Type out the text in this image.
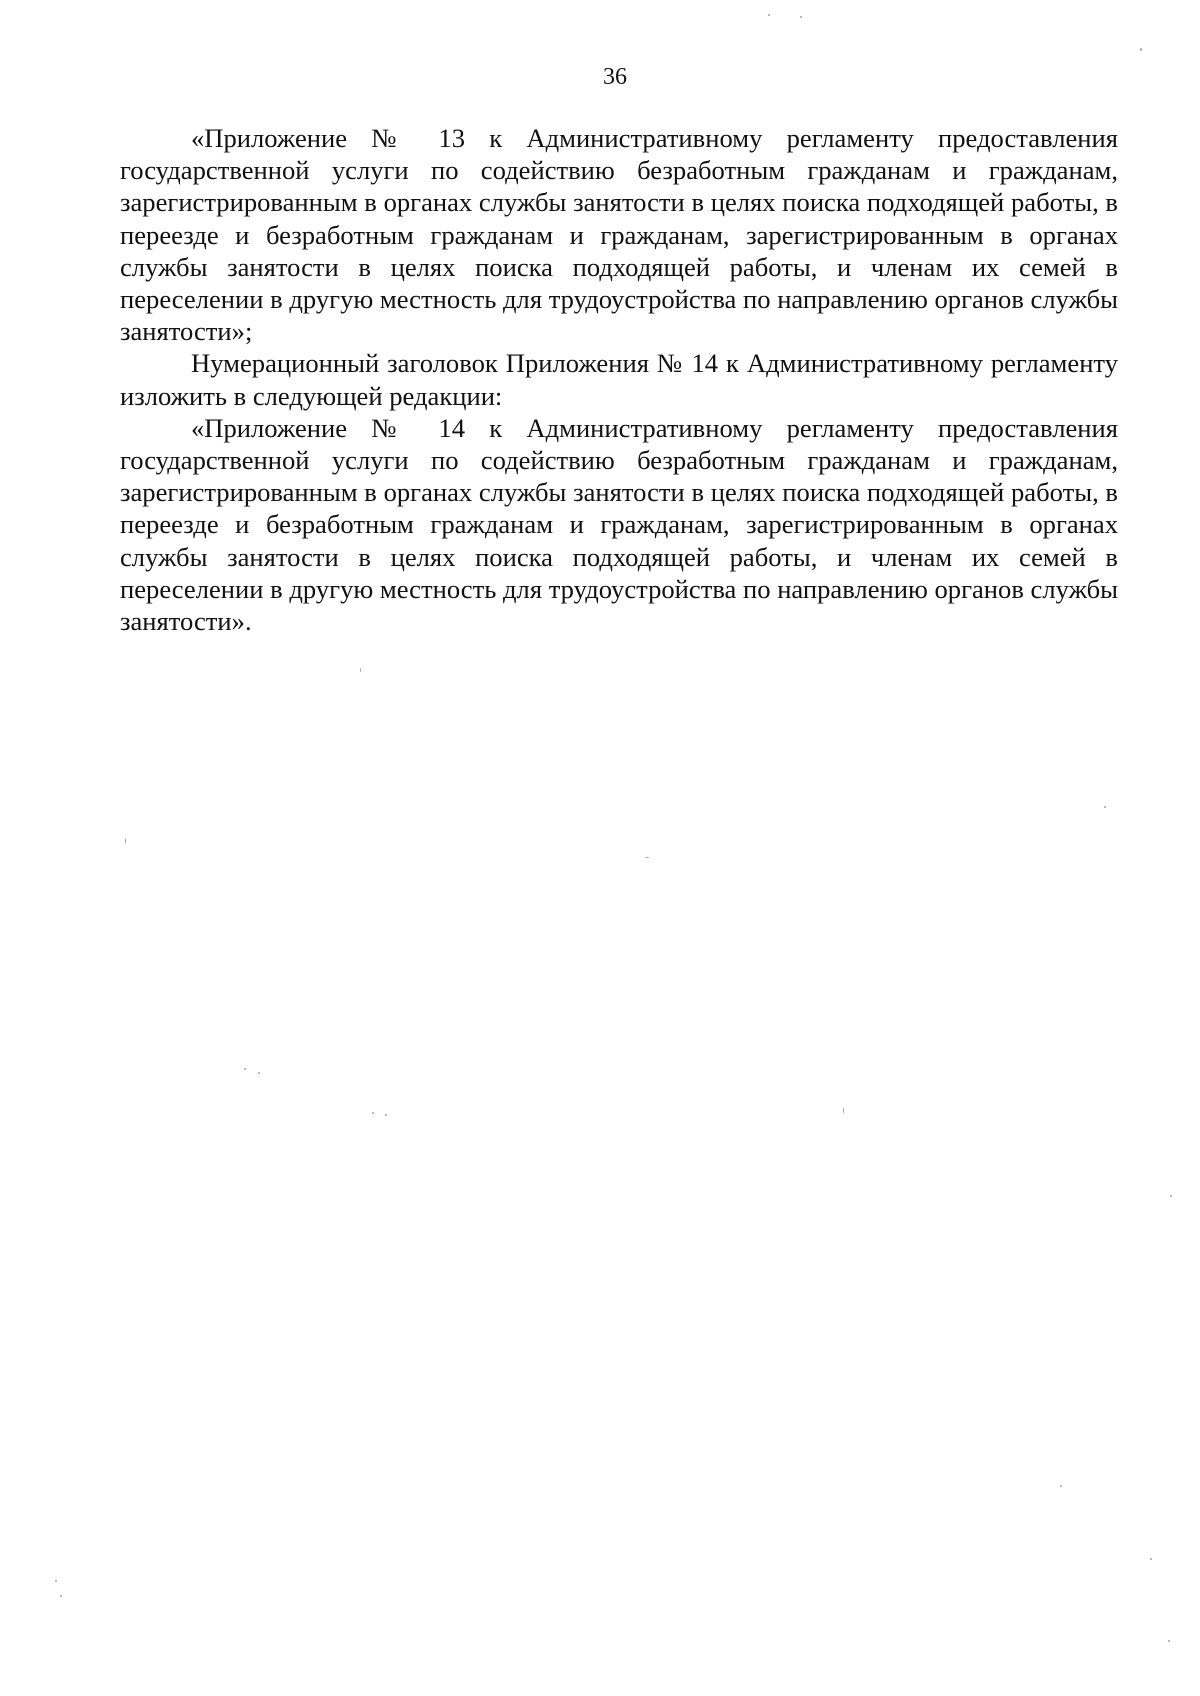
36

«Приложение № 13 к Административному регламенту предоставления государственной услуги по содействию безработным гражданам и гражданам, зарегистрированным в органах службы занятости в целях поиска подходящей работы, в переезде и безработным гражданам и гражданам, зарегистрированным в органах службы занятости в целях поиска подходящей работы, и членам их семей в переселении в другую местность для трудоустройства по направлению органов службы занятости»;

Нумерационный заголовок Приложения № 14 к Административному регламенту изложить в следующей редакции:

«Приложение № 14 к Административному регламенту предоставления государственной услуги по содействию безработным гражданам и гражданам, зарегистрированным в органах службы занятости в целях поиска подходящей работы, в переезде и безработным гражданам и гражданам, зарегистрированным в органах службы занятости в целях поиска подходящей работы, и членам их семей в переселении в другую местность для трудоустройства по направлению органов службы занятости».
